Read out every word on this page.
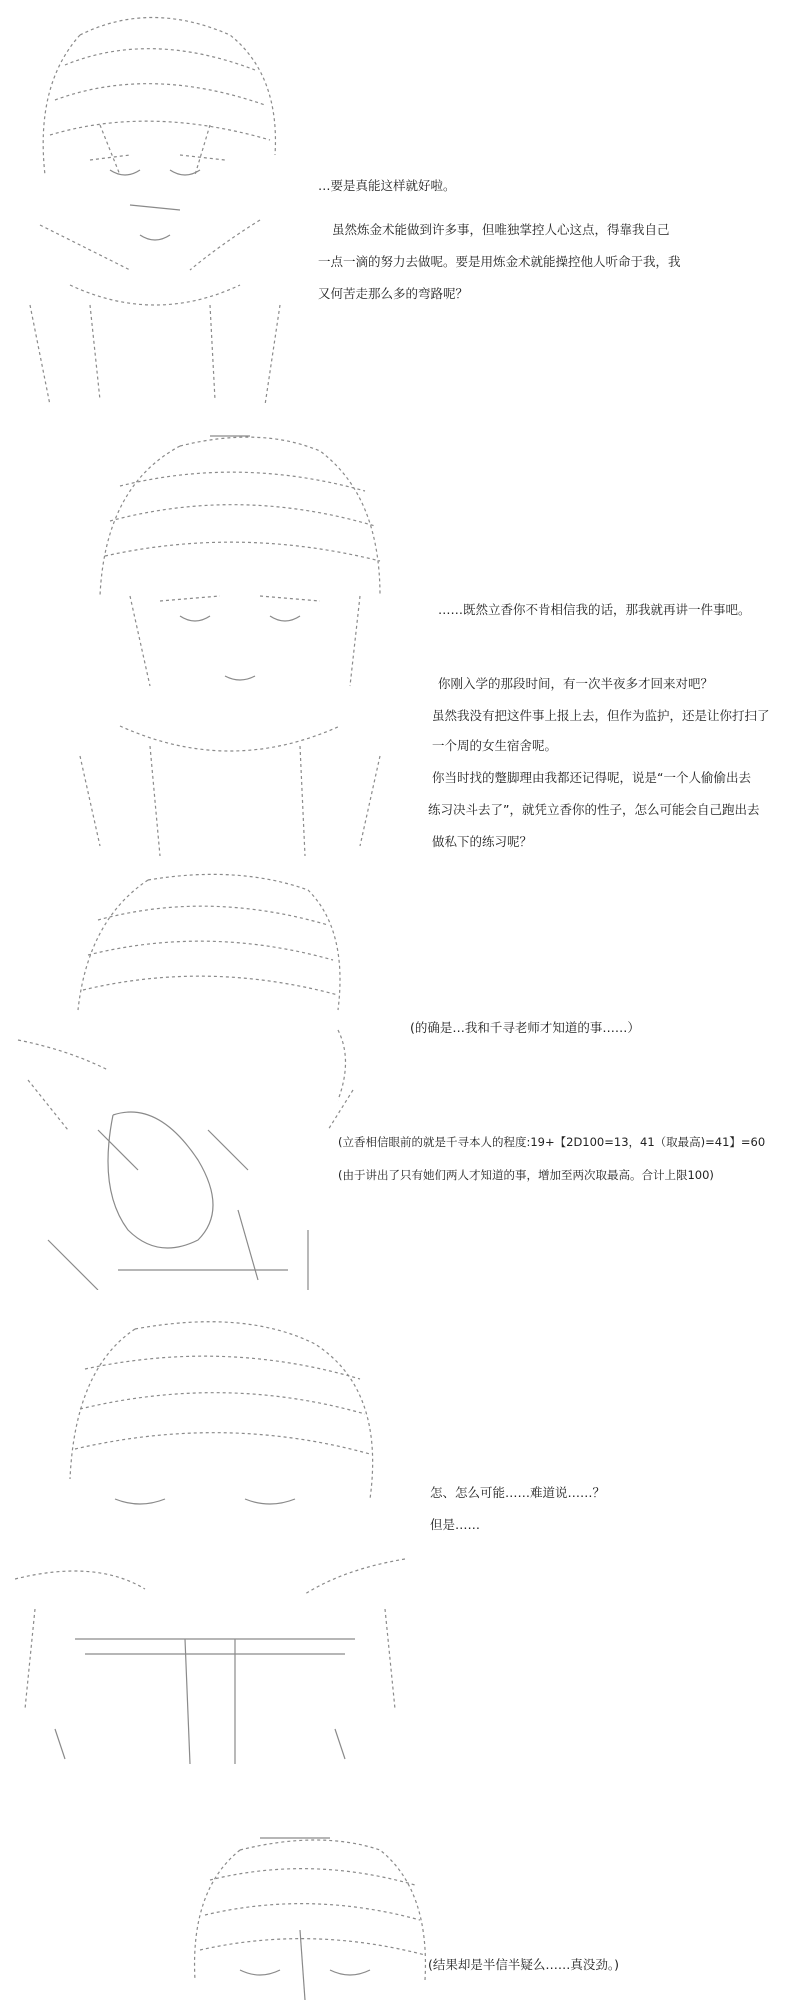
…要是真能这样就好啦。

虽然炼金术能做到许多事，但唯独掌控人心这点，得靠我自己

一点一滴的努力去做呢。要是用炼金术就能操控他人听命于我，我

又何苦走那么多的弯路呢？

……既然立香你不肯相信我的话，那我就再讲一件事吧。

你刚入学的那段时间，有一次半夜多才回来对吧？

虽然我没有把这件事上报上去，但作为监护，还是让你打扫了

一个周的女生宿舍呢。

你当时找的蹩脚理由我都还记得呢，说是“一个人偷偷出去

练习决斗去了”，就凭立香你的性子，怎么可能会自己跑出去

做私下的练习呢？

(的确是…我和千寻老师才知道的事……）

(立香相信眼前的就是千寻本人的程度:19+【2D100=13，41（取最高)=41】=60

(由于讲出了只有她们两人才知道的事，增加至两次取最高。合计上限100)

怎、怎么可能……难道说……？

但是……

(结果却是半信半疑么……真没劲。)
